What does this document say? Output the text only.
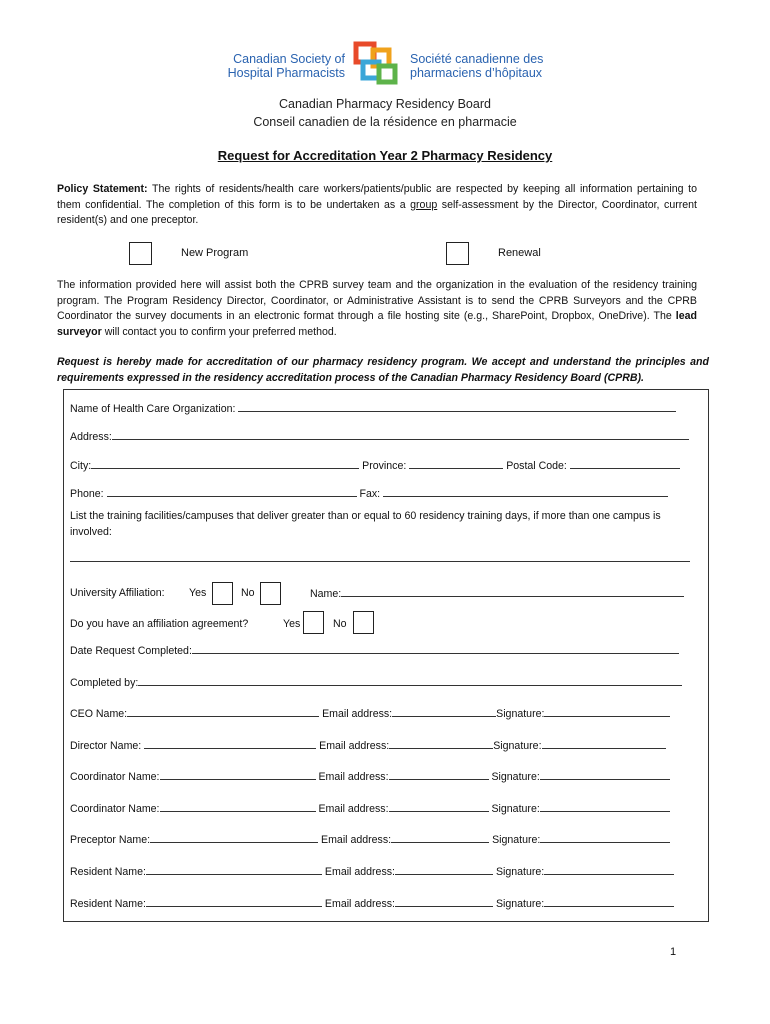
Canadian Society of
Hospital Pharmacists
Société canadienne des
pharmaciens d’hôpitaux
Canadian Pharmacy Residency Board
Conseil canadien de la résidence en pharmacie
Request for Accreditation Year 2 Pharmacy Residency
Policy Statement: The rights of residents/health care workers/patients/public are respected by keeping all information pertaining to them confidential. The completion of this form is to be undertaken as a group self-assessment by the Director, Coordinator, current resident(s) and one preceptor.
New Program	Renewal
The information provided here will assist both the CPRB survey team and the organization in the evaluation of the residency training program. The Program Residency Director, Coordinator, or Administrative Assistant is to send the CPRB Surveyors and the CPRB Coordinator the survey documents in an electronic format through a file hosting site (e.g., SharePoint, Dropbox, OneDrive). The lead surveyor will contact you to confirm your preferred method.
Request is hereby made for accreditation of our pharmacy residency program. We accept and understand the principles and requirements expressed in the residency accreditation process of the Canadian Pharmacy Residency Board (CPRB).
Name of Health Care Organization:
Address:
City:	Province:	Postal Code:
Phone:	Fax:
List the training facilities/campuses that deliver greater than or equal to 60 residency training days, if more than one campus is involved:
University Affiliation: Yes	No	Name:
Do you have an affiliation agreement?	Yes	No
Date Request Completed:
Completed by:
CEO Name:	Email address:	Signature:
Director Name:	Email address:	Signature:
Coordinator Name:	Email address:	Signature:
Coordinator Name:	Email address:	Signature:
Preceptor Name:	Email address:	Signature:
Resident Name:	Email address:	Signature:
Resident Name:	Email address:	Signature:
1
